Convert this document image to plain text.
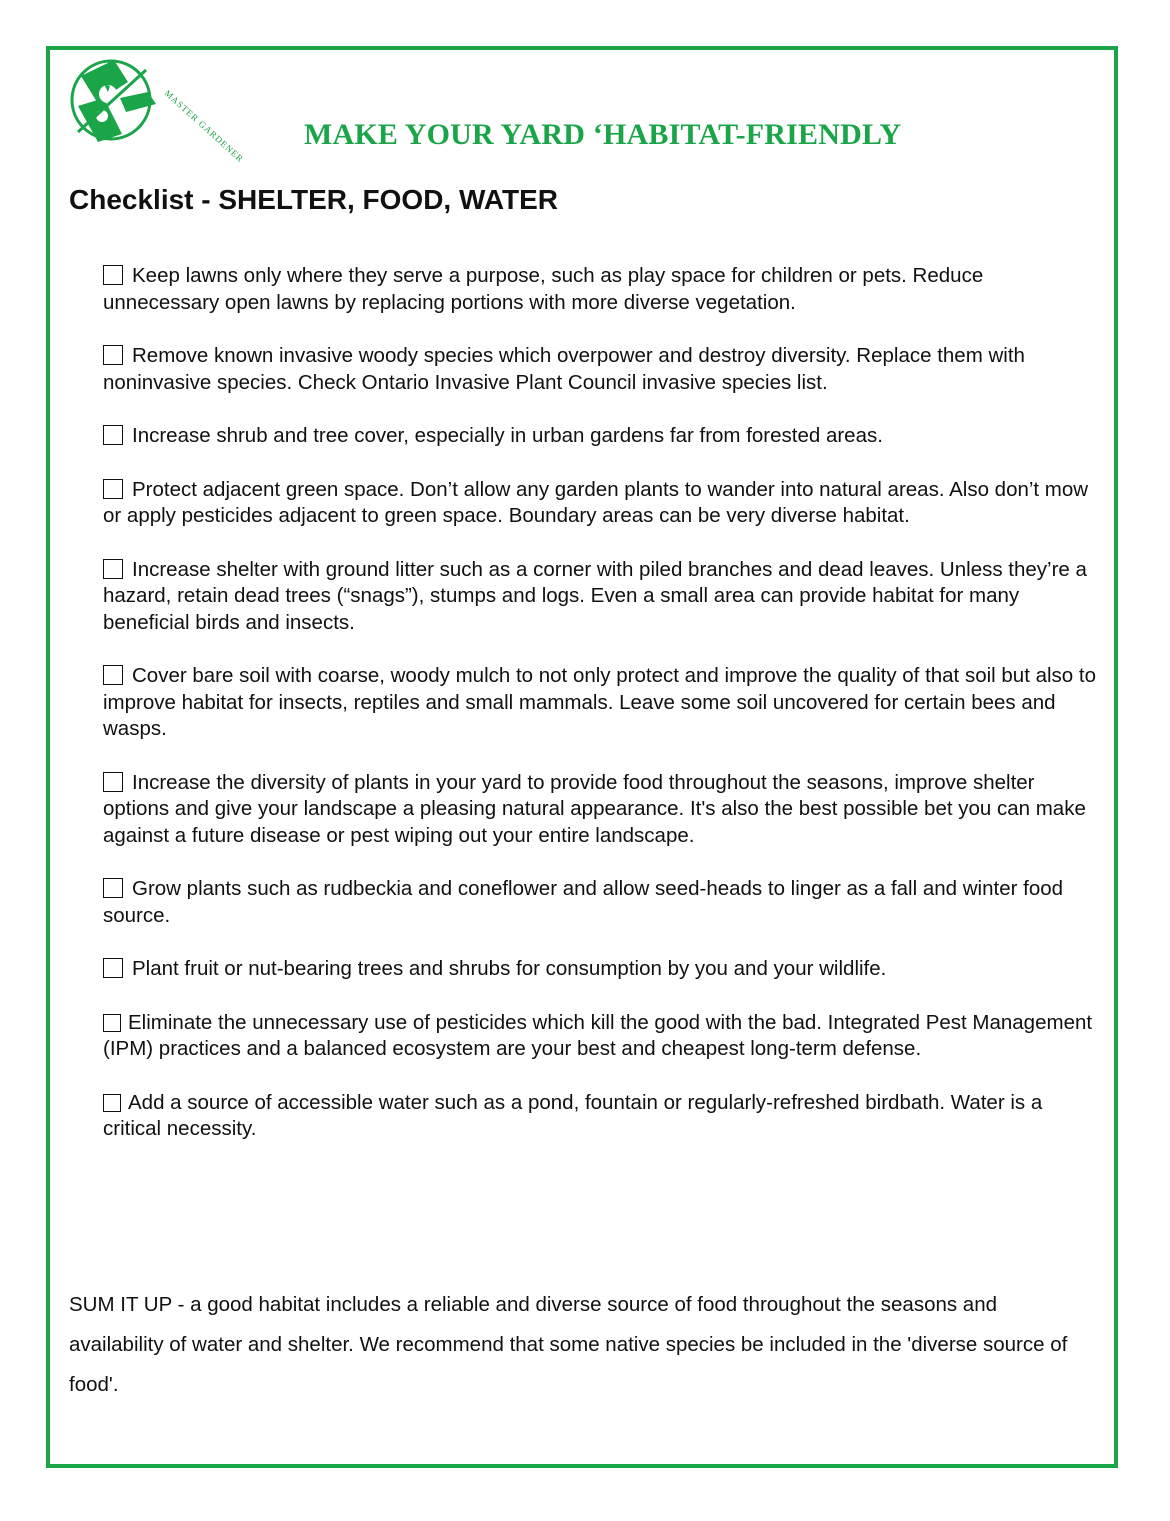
MASTER GARDENER MAKE YOUR YARD ‘HABITAT-FRIENDLY
Checklist - SHELTER, FOOD, WATER
Keep lawns only where they serve a purpose, such as play space for children or pets. Reduce unnecessary open lawns by replacing portions with more diverse vegetation.
Remove known invasive woody species which overpower and destroy diversity. Replace them with noninvasive species. Check Ontario Invasive Plant Council invasive species list.
Increase shrub and tree cover, especially in urban gardens far from forested areas.
Protect adjacent green space. Don’t allow any garden plants to wander into natural areas. Also don’t mow or apply pesticides adjacent to green space. Boundary areas can be very diverse habitat.
Increase shelter with ground litter such as a corner with piled branches and dead leaves. Unless they’re a hazard, retain dead trees (“snags”), stumps and logs. Even a small area can provide habitat for many beneficial birds and insects.
Cover bare soil with coarse, woody mulch to not only protect and improve the quality of that soil but also to improve habitat for insects, reptiles and small mammals. Leave some soil uncovered for certain bees and wasps.
Increase the diversity of plants in your yard to provide food throughout the seasons, improve shelter options and give your landscape a pleasing natural appearance. It's also the best possible bet you can make against a future disease or pest wiping out your entire landscape.
Grow plants such as rudbeckia and coneflower and allow seed-heads to linger as a fall and winter food source.
Plant fruit or nut-bearing trees and shrubs for consumption by you and your wildlife.
Eliminate the unnecessary use of pesticides which kill the good with the bad. Integrated Pest Management (IPM) practices and a balanced ecosystem are your best and cheapest long-term defense.
Add a source of accessible water such as a pond, fountain or regularly-refreshed birdbath. Water is a critical necessity.

SUM IT UP - a good habitat includes a reliable and diverse source of food throughout the seasons and availability of water and shelter. We recommend that some native species be included in the 'diverse source of food'.
